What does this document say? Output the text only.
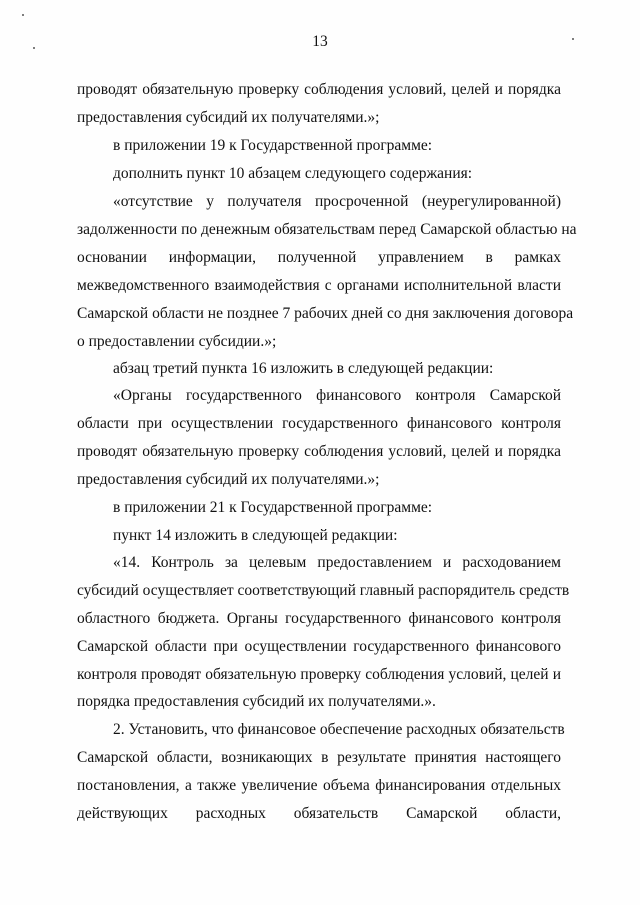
13
проводят обязательную проверку соблюдения условий, целей и порядка
предоставления субсидий их получателями.»;
в приложении 19 к Государственной программе:
дополнить пункт 10 абзацем следующего содержания:
«отсутствие у получателя просроченной (неурегулированной)
задолженности по денежным обязательствам перед Самарской областью на
основании информации, полученной управлением в рамках
межведомственного взаимодействия с органами исполнительной власти
Самарской области не позднее 7 рабочих дней со дня заключения договора
о предоставлении субсидии.»;
абзац третий пункта 16 изложить в следующей редакции:
«Органы государственного финансового контроля Самарской
области при осуществлении государственного финансового контроля
проводят обязательную проверку соблюдения условий, целей и порядка
предоставления субсидий их получателями.»;
в приложении 21 к Государственной программе:
пункт 14 изложить в следующей редакции:
«14. Контроль за целевым предоставлением и расходованием
субсидий осуществляет соответствующий главный распорядитель средств
областного бюджета. Органы государственного финансового контроля
Самарской области при осуществлении государственного финансового
контроля проводят обязательную проверку соблюдения условий, целей и
порядка предоставления субсидий их получателями.».
2. Установить, что финансовое обеспечение расходных обязательств
Самарской области, возникающих в результате принятия настоящего
постановления, а также увеличение объема финансирования отдельных
действующих расходных обязательств Самарской области,
